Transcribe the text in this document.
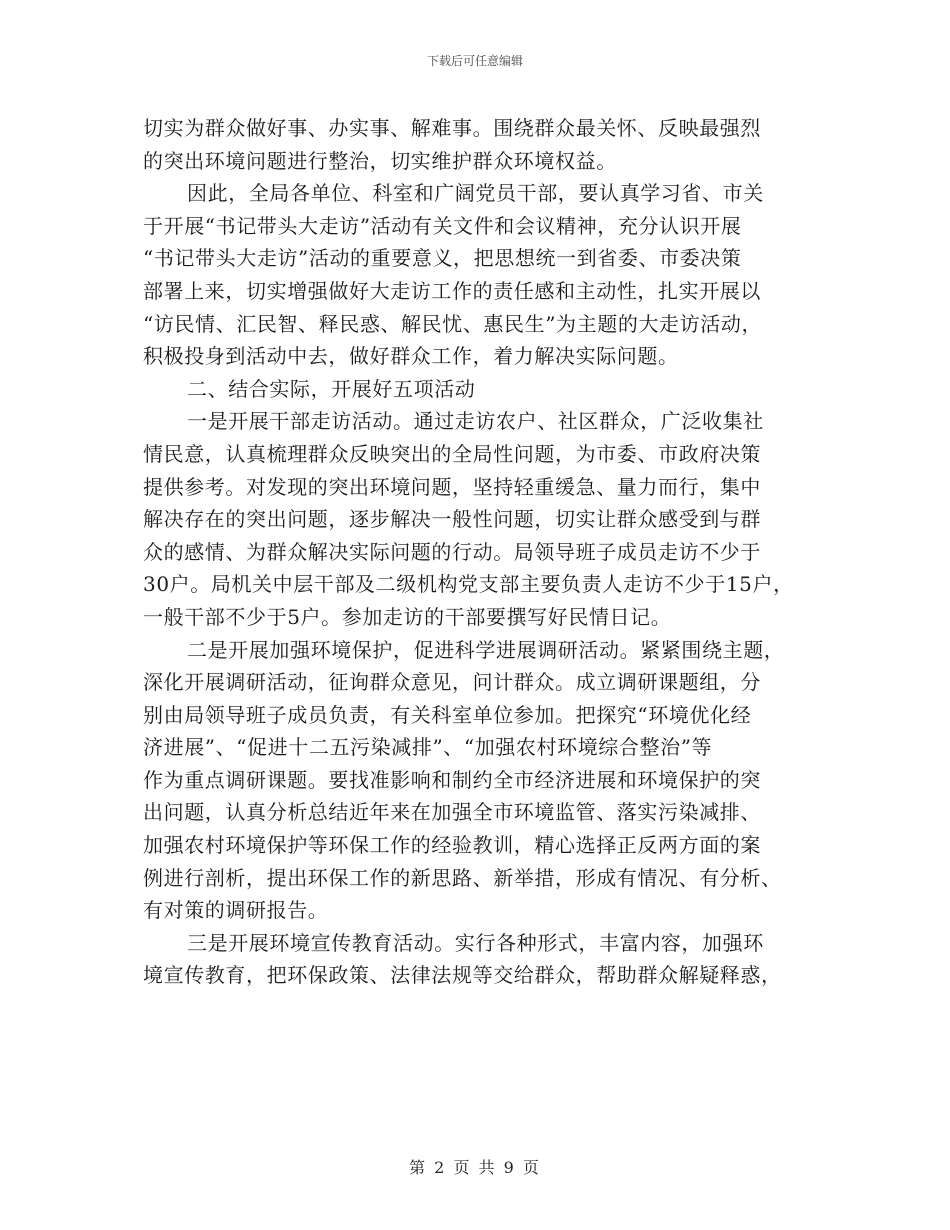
下载后可任意编辑
切实为群众做好事、办实事、解难事。围绕群众最关怀、反映最强烈
的突出环境问题进行整治，切实维护群众环境权益。
因此，全局各单位、科室和广阔党员干部，要认真学习省、市关
于开展“书记带头大走访”活动有关文件和会议精神，充分认识开展
“书记带头大走访”活动的重要意义，把思想统一到省委、市委决策
部署上来，切实增强做好大走访工作的责任感和主动性，扎实开展以
“访民情、汇民智、释民惑、解民忧、惠民生”为主题的大走访活动，
积极投身到活动中去，做好群众工作，着力解决实际问题。
二、结合实际，开展好五项活动
一是开展干部走访活动。通过走访农户、社区群众，广泛收集社
情民意，认真梳理群众反映突出的全局性问题，为市委、市政府决策
提供参考。对发现的突出环境问题，坚持轻重缓急、量力而行，集中
解决存在的突出问题，逐步解决一般性问题，切实让群众感受到与群
众的感情、为群众解决实际问题的行动。局领导班子成员走访不少于
30户。局机关中层干部及二级机构党支部主要负责人走访不少于15户，
一般干部不少于5户。参加走访的干部要撰写好民情日记。
二是开展加强环境保护，促进科学进展调研活动。紧紧围绕主题，
深化开展调研活动，征询群众意见，问计群众。成立调研课题组，分
别由局领导班子成员负责，有关科室单位参加。把探究“环境优化经
济进展”、“促进十二五污染减排”、“加强农村环境综合整治”等
作为重点调研课题。要找准影响和制约全市经济进展和环境保护的突
出问题，认真分析总结近年来在加强全市环境监管、落实污染减排、
加强农村环境保护等环保工作的经验教训，精心选择正反两方面的案
例进行剖析，提出环保工作的新思路、新举措，形成有情况、有分析、
有对策的调研报告。
三是开展环境宣传教育活动。实行各种形式，丰富内容，加强环
境宣传教育，把环保政策、法律法规等交给群众，帮助群众解疑释惑，
第 2 页 共 9 页
